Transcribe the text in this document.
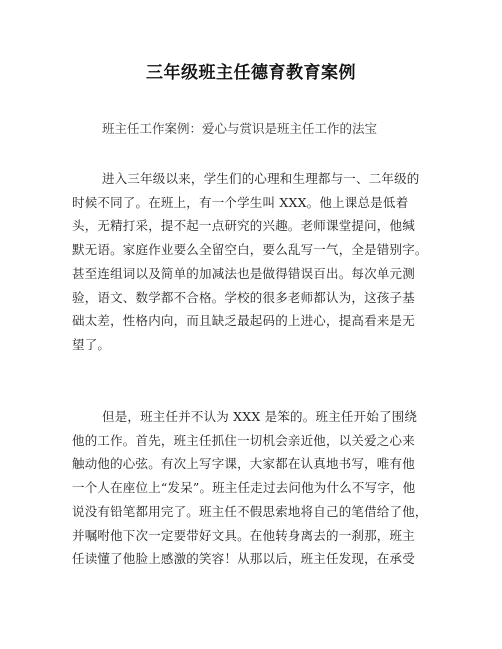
三年级班主任德育教育案例
班主任工作案例：爱心与赏识是班主任工作的法宝
进入三年级以来，学生们的心理和生理都与一、二年级的
时候不同了。在班上，有一个学生叫 XXX。他上课总是低着
头，无精打采，提不起一点研究的兴趣。老师课堂提问，他缄
默无语。家庭作业要么全留空白，要么乱写一气，全是错别字。
甚至连组词以及简单的加减法也是做得错误百出。每次单元测
验，语文、数学都不合格。学校的很多老师都认为，这孩子基
础太差，性格内向，而且缺乏最起码的上进心，提高看来是无
望了。
但是，班主任并不认为 XXX 是笨的。班主任开始了围绕
他的工作。首先，班主任抓住一切机会亲近他，以关爱之心来
触动他的心弦。有次上写字课，大家都在认真地书写，唯有他
一个人在座位上“发呆”。班主任走过去问他为什么不写字，他
说没有铅笔都用完了。班主任不假思索地将自己的笔借给了他，
并嘱咐他下次一定要带好文具。在他转身离去的一刹那，班主
任读懂了他脸上感激的笑容！从那以后，班主任发现，在承受
